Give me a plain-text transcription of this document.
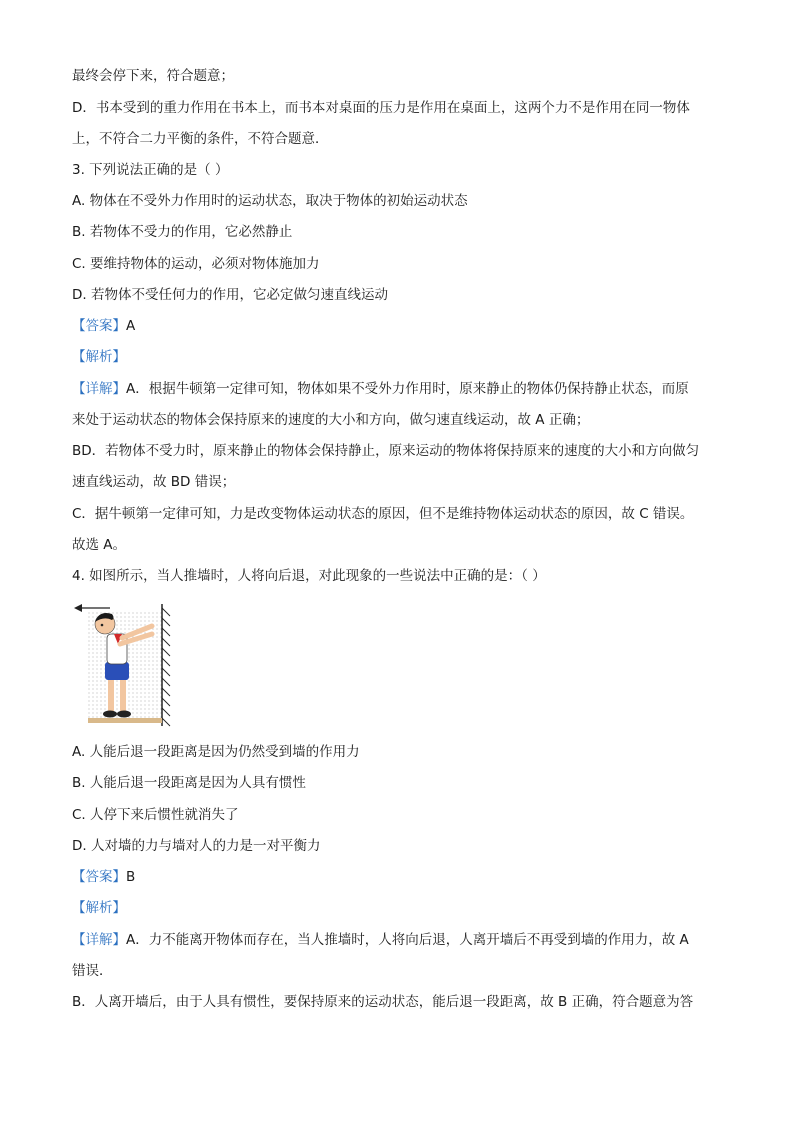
最终会停下来，符合题意；
D．书本受到的重力作用在书本上，而书本对桌面的压力是作用在桌面上，这两个力不是作用在同一物体
上，不符合二力平衡的条件，不符合题意．
3. 下列说法正确的是（ ）
A. 物体在不受外力作用时的运动状态，取决于物体的初始运动状态
B. 若物体不受力的作用，它必然静止
C. 要维持物体的运动，必须对物体施加力
D. 若物体不受任何力的作用，它必定做匀速直线运动
【答案】A
【解析】
【详解】A．根据牛顿第一定律可知，物体如果不受外力作用时，原来静止的物体仍保持静止状态，而原
来处于运动状态的物体会保持原来的速度的大小和方向，做匀速直线运动，故 A 正确；
BD．若物体不受力时，原来静止的物体会保持静止，原来运动的物体将保持原来的速度的大小和方向做匀
速直线运动，故 BD 错误；
C．据牛顿第一定律可知，力是改变物体运动状态的原因，但不是维持物体运动状态的原因，故 C 错误。
故选 A。
4. 如图所示，当人推墙时，人将向后退，对此现象的一些说法中正确的是：（ ）
A. 人能后退一段距离是因为仍然受到墙的作用力
B. 人能后退一段距离是因为人具有惯性
C. 人停下来后惯性就消失了
D. 人对墙的力与墙对人的力是一对平衡力
【答案】B
【解析】
【详解】A．力不能离开物体而存在，当人推墙时，人将向后退，人离开墙后不再受到墙的作用力，故 A
错误．
B．人离开墙后，由于人具有惯性，要保持原来的运动状态，能后退一段距离，故 B 正确，符合题意为答
